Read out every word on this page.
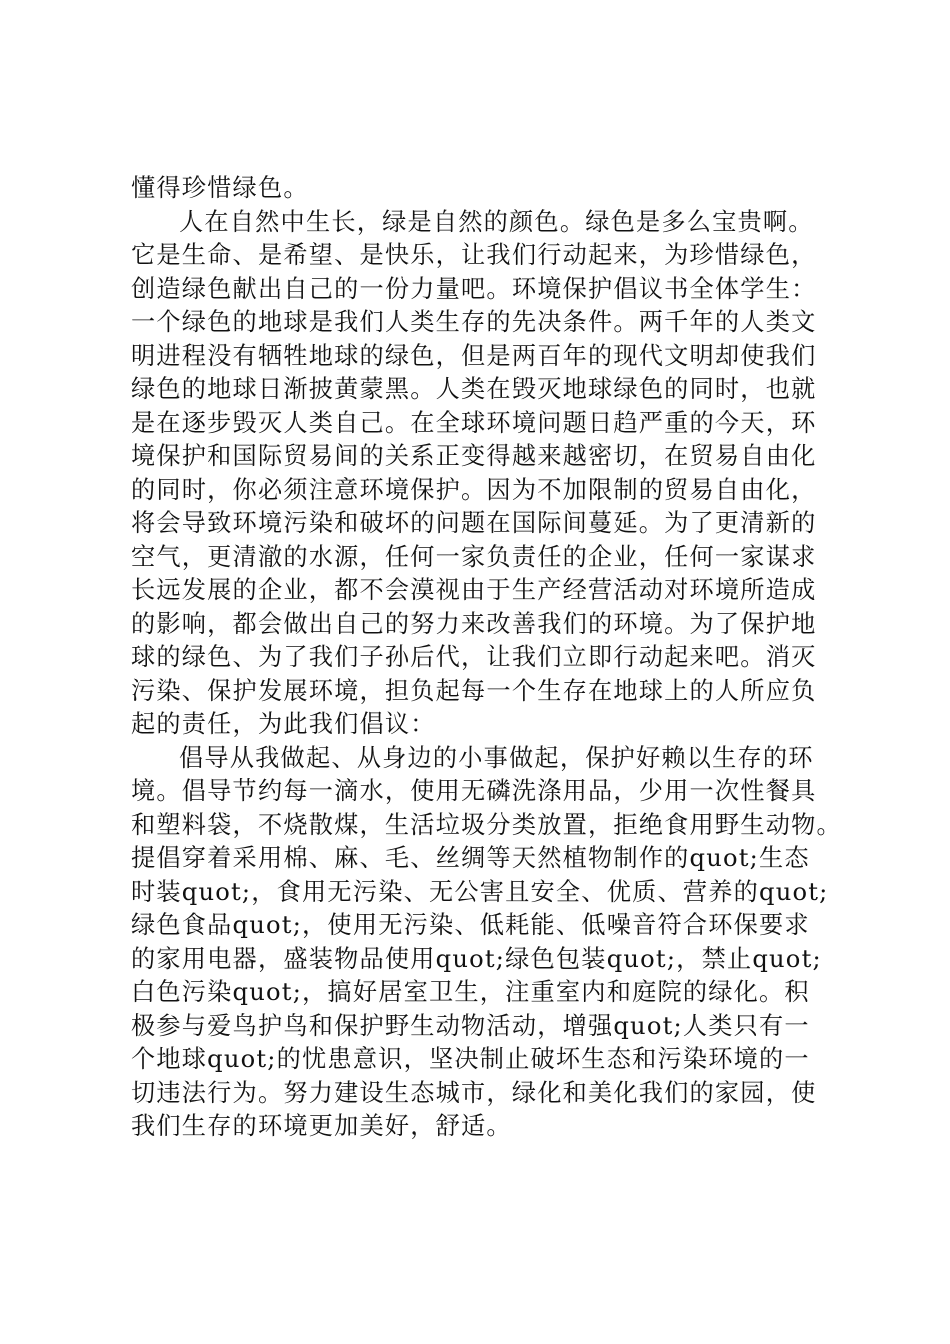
懂得珍惜绿色。
人在自然中生长，绿是自然的颜色。绿色是多么宝贵啊。
它是生命、是希望、是快乐，让我们行动起来，为珍惜绿色，
创造绿色献出自己的一份力量吧。环境保护倡议书全体学生：
一个绿色的地球是我们人类生存的先决条件。两千年的人类文
明进程没有牺牲地球的绿色，但是两百年的现代文明却使我们
绿色的地球日渐披黄蒙黑。人类在毁灭地球绿色的同时，也就
是在逐步毁灭人类自己。在全球环境问题日趋严重的今天，环
境保护和国际贸易间的关系正变得越来越密切，在贸易自由化
的同时，你必须注意环境保护。因为不加限制的贸易自由化，
将会导致环境污染和破坏的问题在国际间蔓延。为了更清新的
空气，更清澈的水源，任何一家负责任的企业，任何一家谋求
长远发展的企业，都不会漠视由于生产经营活动对环境所造成
的影响，都会做出自己的努力来改善我们的环境。为了保护地
球的绿色、为了我们子孙后代，让我们立即行动起来吧。消灭
污染、保护发展环境，担负起每一个生存在地球上的人所应负
起的责任，为此我们倡议：
倡导从我做起、从身边的小事做起，保护好赖以生存的环
境。倡导节约每一滴水，使用无磷洗涤用品，少用一次性餐具
和塑料袋，不烧散煤，生活垃圾分类放置，拒绝食用野生动物。
提倡穿着采用棉、麻、毛、丝绸等天然植物制作的quot;生态
时装quot;，食用无污染、无公害且安全、优质、营养的quot;
绿色食品quot;，使用无污染、低耗能、低噪音符合环保要求
的家用电器，盛装物品使用quot;绿色包装quot;，禁止quot;
白色污染quot;，搞好居室卫生，注重室内和庭院的绿化。积
极参与爱鸟护鸟和保护野生动物活动，增强quot;人类只有一
个地球quot;的忧患意识，坚决制止破坏生态和污染环境的一
切违法行为。努力建设生态城市，绿化和美化我们的家园，使
我们生存的环境更加美好，舒适。
